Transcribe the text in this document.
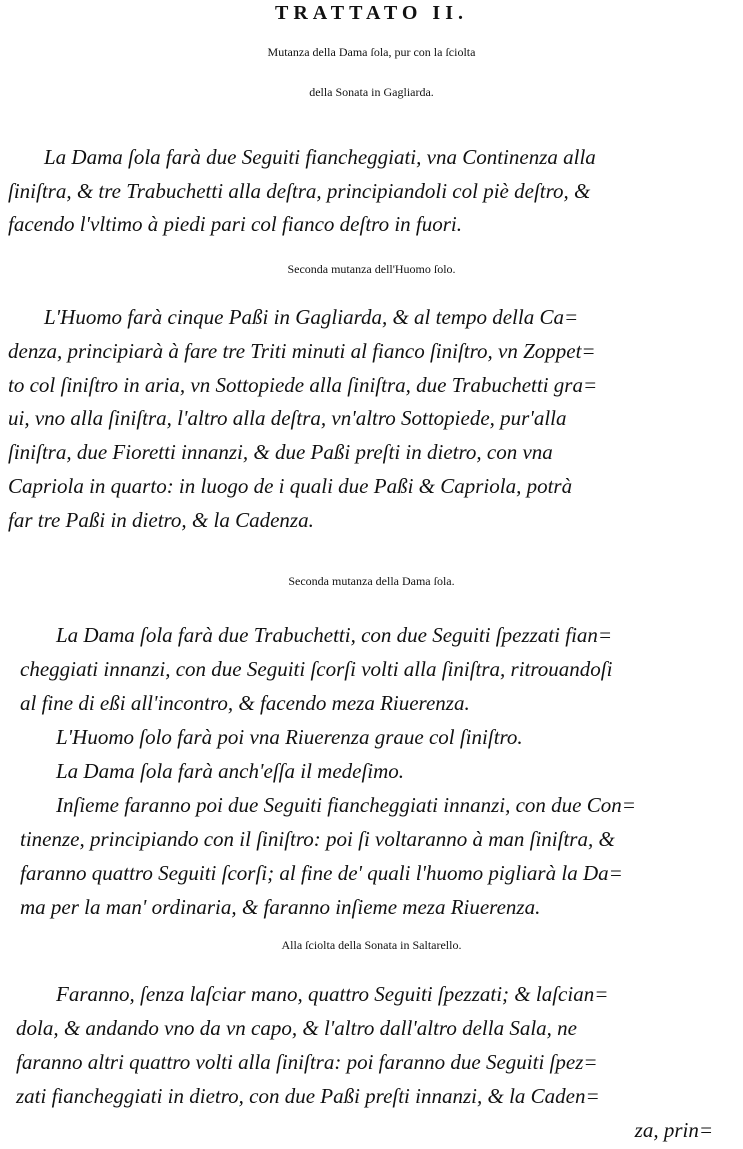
TRATTATO II.
Mutanza della Dama ſola, pur con la ſciolta
della Sonata in Gagliarda.
La Dama ſola farà due Seguiti fiancheggiati, vna Continenza alla
ſiniſtra, & tre Trabuchetti alla deſtra, principiandoli col piè deſtro, &
facendo l'vltimo à piedi pari col fianco deſtro in fuori.
Seconda mutanza dell'Huomo ſolo.
L'Huomo farà cinque Paßi in Gagliarda, & al tempo della Ca=
denza, principiarà à fare tre Triti minuti al fianco ſiniſtro, vn Zoppet=
to col ſiniſtro in aria, vn Sottopiede alla ſiniſtra, due Trabuchetti gra=
ui, vno alla ſiniſtra, l'altro alla deſtra, vn'altro Sottopiede, pur'alla
ſiniſtra, due Fioretti innanzi, & due Paßi preſti in dietro, con vna
Capriola in quarto: in luogo de i quali due Paßi & Capriola, potrà
far tre Paßi in dietro, & la Cadenza.
Seconda mutanza della Dama ſola.
La Dama ſola farà due Trabuchetti, con due Seguiti ſpezzati fian=
cheggiati innanzi, con due Seguiti ſcorſi volti alla ſiniſtra, ritrouandoſi
al fine di eßi all'incontro, & facendo meza Riuerenza.
L'Huomo ſolo farà poi vna Riuerenza graue col ſiniſtro.
La Dama ſola farà anch'eſſa il medeſimo.
Inſieme faranno poi due Seguiti fiancheggiati innanzi, con due Con=
tinenze, principiando con il ſiniſtro: poi ſi voltaranno à man ſiniſtra, &
faranno quattro Seguiti ſcorſi; al fine de' quali l'huomo pigliarà la Da=
ma per la man' ordinaria, & faranno inſieme meza Riuerenza.
Alla ſciolta della Sonata in Saltarello.
Faranno, ſenza laſciar mano, quattro Seguiti ſpezzati; & laſcian=
dola, & andando vno da vn capo, & l'altro dall'altro della Sala, ne
faranno altri quattro volti alla ſiniſtra: poi faranno due Seguiti ſpez=
zati fiancheggiati in dietro, con due Paßi preſti innanzi, & la Caden=
za, prin=
